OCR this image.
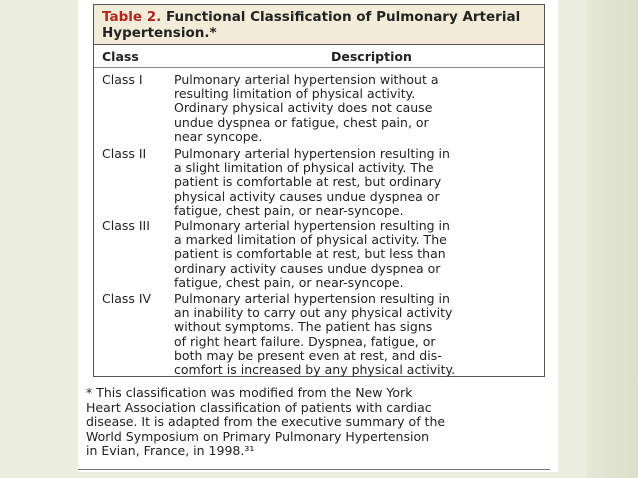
Table 2. Functional Classification of Pulmonary Arterial Hypertension.*
Class	Description
Class I	Pulmonary arterial hypertension without a
resulting limitation of physical activity.
Ordinary physical activity does not cause
undue dyspnea or fatigue, chest pain, or
near syncope.
Class II Pulmonary arterial hypertension resulting in
a slight limitation of physical activity. The
patient is comfortable at rest, but ordinary
physical activity causes undue dyspnea or
fatigue, chest pain, or near-syncope.
Class III Pulmonary arterial hypertension resulting in
a marked limitation of physical activity. The
patient is comfortable at rest, but less than
ordinary activity causes undue dyspnea or
fatigue, chest pain, or near-syncope.
Class IV Pulmonary arterial hypertension resulting in
an inability to carry out any physical activity
without symptoms. The patient has signs
of right heart failure. Dyspnea, fatigue, or
both may be present even at rest, and dis-
comfort is increased by any physical activity.
* This classification was modified from the New York
Heart Association classification of patients with cardiac
disease. It is adapted from the executive summary of the
World Symposium on Primary Pulmonary Hypertension
in Evian, France, in 1998.³¹
